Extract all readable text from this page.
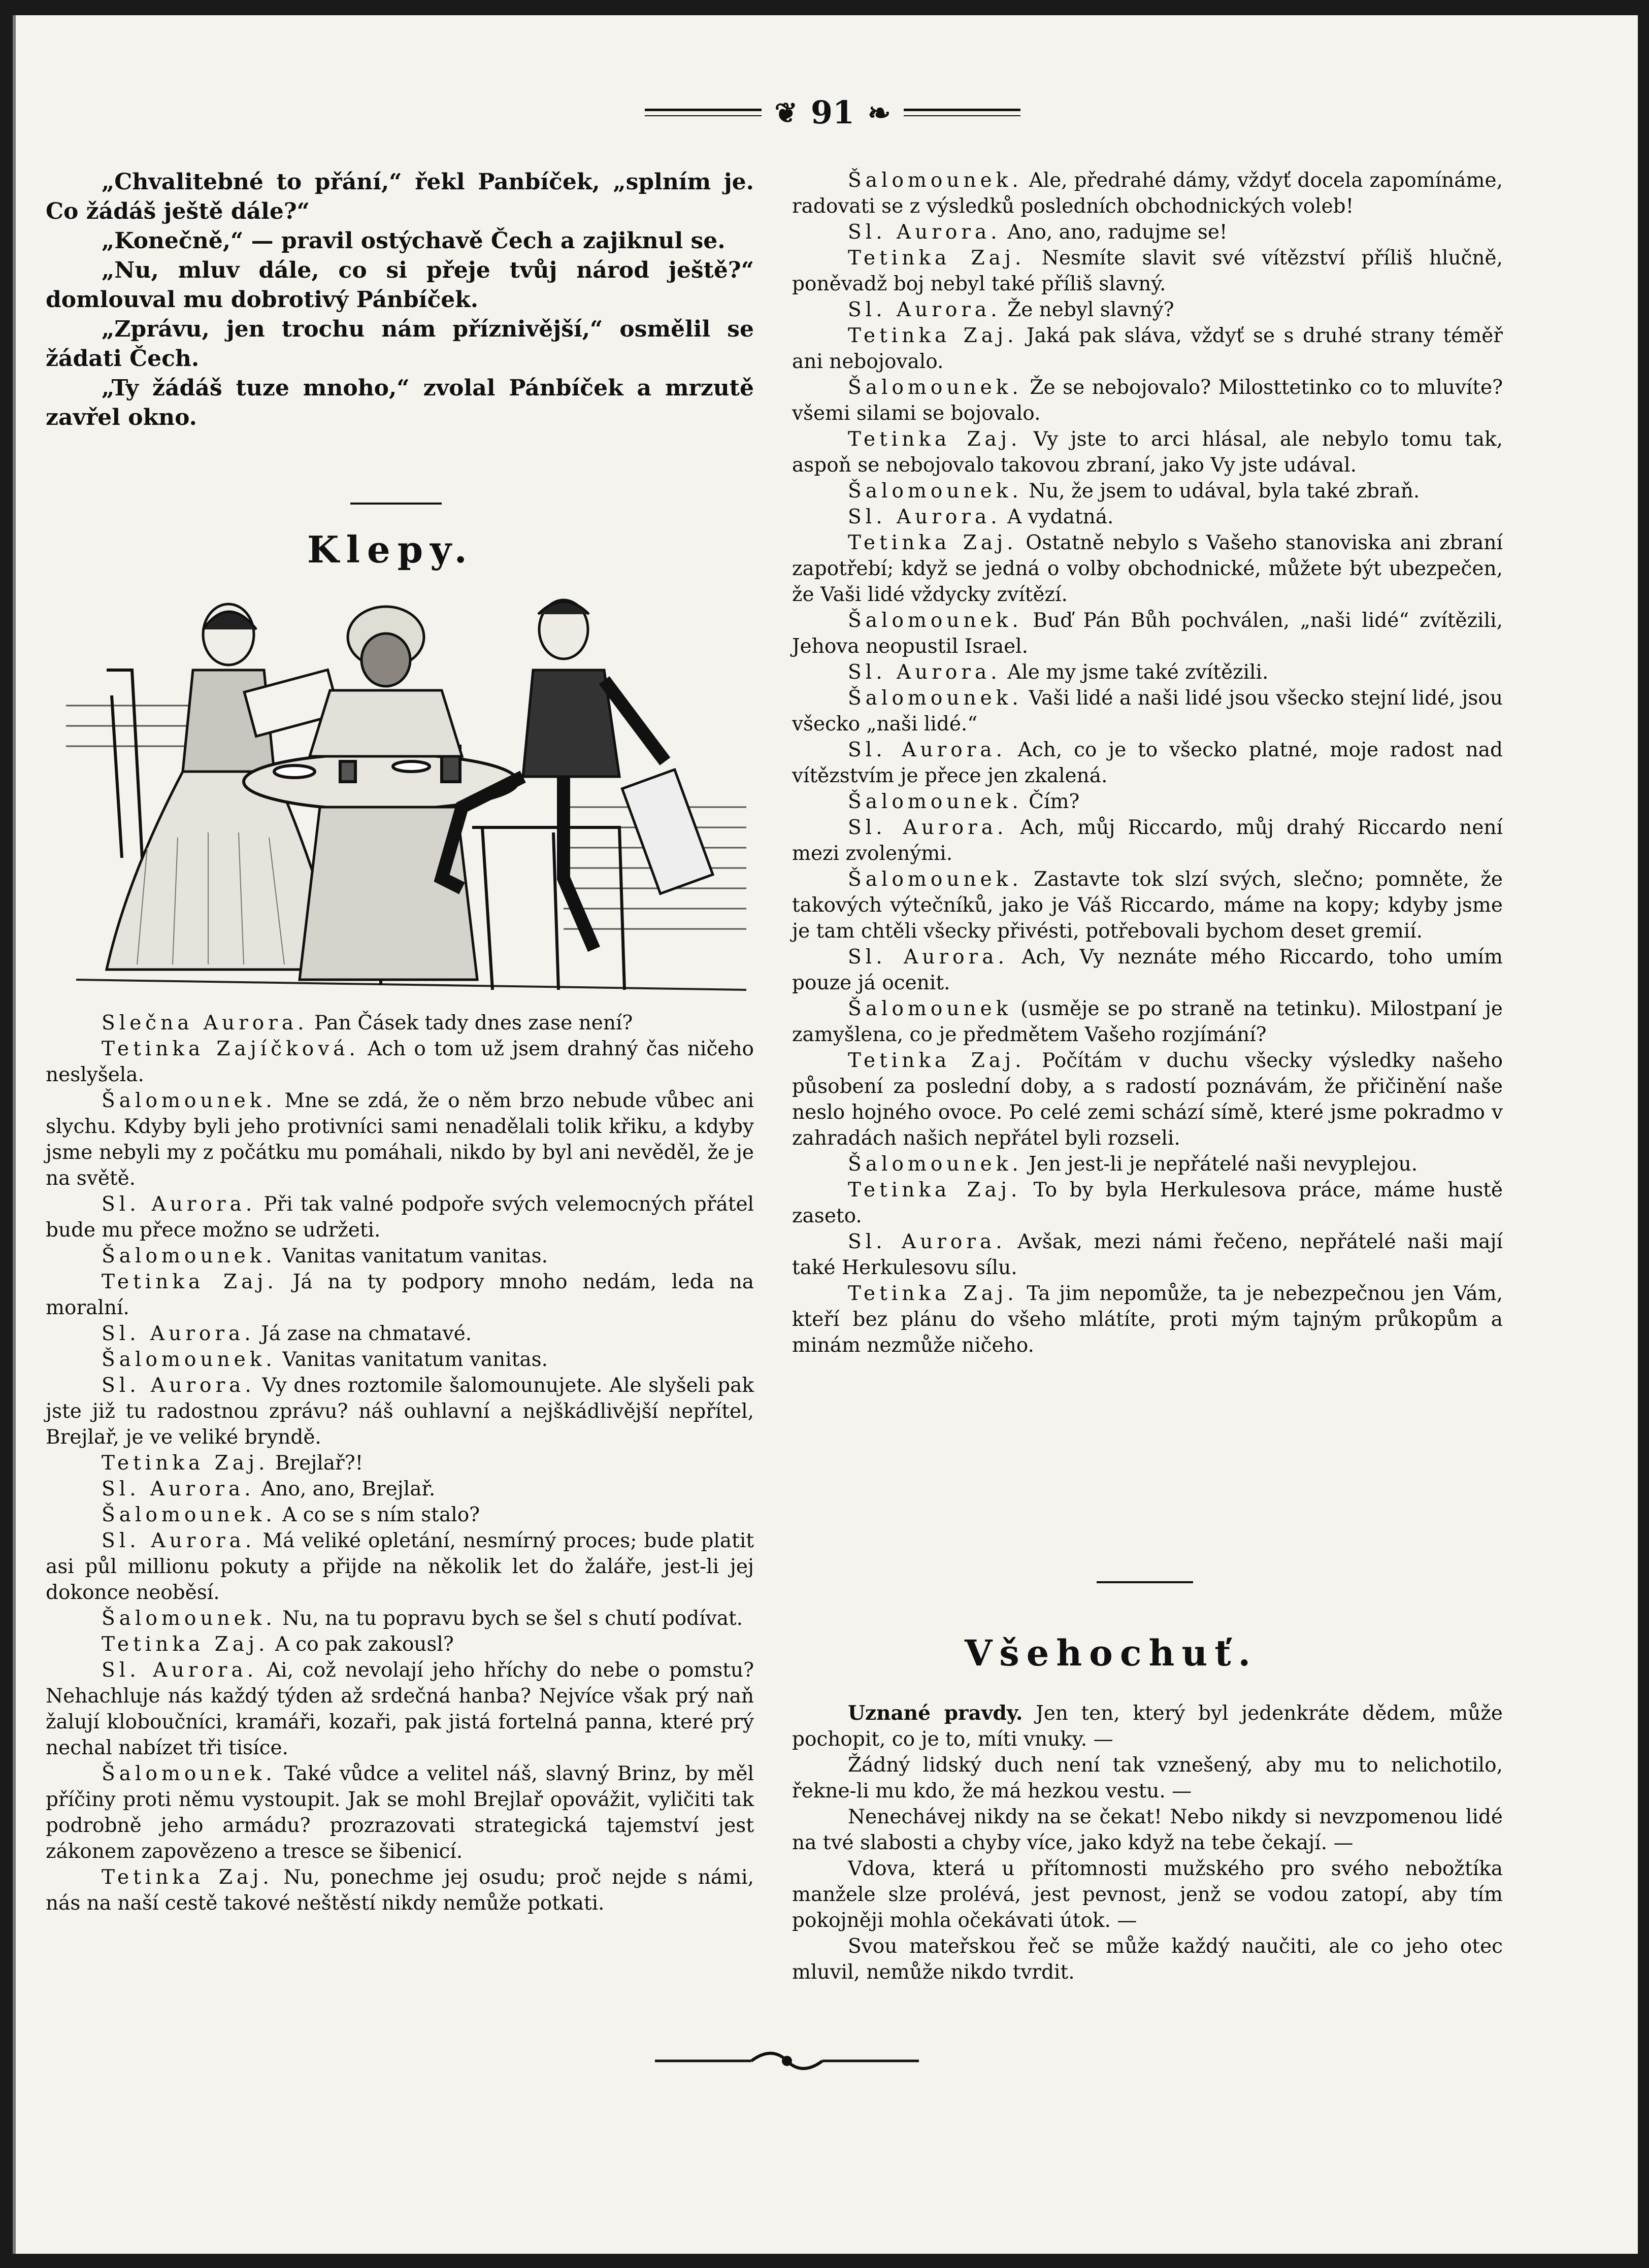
❦ 91 ❧

„Chvalitebné to přání,“ řekl Panbíček, „splním je. Co žádáš ještě dále?“

„Konečně,“ — pravil ostýchavě Čech a zajiknul se.

„Nu, mluv dále, co si přeje tvůj národ ještě?“ domlouval mu dobrotivý Pánbíček.

„Zprávu, jen trochu nám příznivější,“ osmělil se žádati Čech.

„Ty žádáš tuze mnoho,“ zvolal Pánbíček a mrzutě zavřel okno.

Klepy.

Slečna Aurora. Pan Čásek tady dnes zase není?

Tetinka Zajíčková. Ach o tom už jsem drahný čas ničeho neslyšela.

Šalomounek. Mne se zdá, že o něm brzo nebude vůbec ani slychu. Kdyby byli jeho protivníci sami nenadělali tolik křiku, a kdyby jsme nebyli my z počátku mu pomáhali, nikdo by byl ani nevěděl, že je na světě.

Sl. Aurora. Při tak valné podpoře svých velemocných přátel bude mu přece možno se udržeti.

Šalomounek. Vanitas vanitatum vanitas.

Tetinka Zaj. Já na ty podpory mnoho nedám, leda na moralní.

Sl. Aurora. Já zase na chmatavé.

Šalomounek. Vanitas vanitatum vanitas.

Sl. Aurora. Vy dnes roztomile šalomounujete. Ale slyšeli pak jste již tu radostnou zprávu? náš ouhlavní a nejškádlivější nepřítel, Brejlař, je ve veliké bryndě.

Tetinka Zaj. Brejlař?!

Sl. Aurora. Ano, ano, Brejlař.

Šalomounek. A co se s ním stalo?

Sl. Aurora. Má veliké opletání, nesmírný proces; bude platit asi půl millionu pokuty a přijde na několik let do žaláře, jest-li jej dokonce neoběsí.

Šalomounek. Nu, na tu popravu bych se šel s chutí podívat.

Tetinka Zaj. A co pak zakousl?

Sl. Aurora. Ai, což nevolají jeho hříchy do nebe o pomstu? Nehachluje nás každý týden až srdečná hanba? Nejvíce však prý naň žalují kloboučníci, kramáři, kozaři, pak jistá fortelná panna, které prý nechal nabízet tři tisíce.

Šalomounek. Také vůdce a velitel náš, slavný Brinz, by měl příčiny proti němu vystoupit. Jak se mohl Brejlař opovážit, vyličiti tak podrobně jeho armádu? prozrazovati strategická tajemství jest zákonem zapovězeno a tresce se šibenicí.

Tetinka Zaj. Nu, ponechme jej osudu; proč nejde s námi, nás na naší cestě takové neštěstí nikdy nemůže potkati.

Šalomounek. Ale, předrahé dámy, vždyť docela zapomínáme, radovati se z výsledků posledních obchodnických voleb!

Sl. Aurora. Ano, ano, radujme se!

Tetinka Zaj. Nesmíte slavit své vítězství příliš hlučně, poněvadž boj nebyl také příliš slavný.

Sl. Aurora. Že nebyl slavný?

Tetinka Zaj. Jaká pak sláva, vždyť se s druhé strany téměř ani nebojovalo.

Šalomounek. Že se nebojovalo? Milosttetinko co to mluvíte? všemi silami se bojovalo.

Tetinka Zaj. Vy jste to arci hlásal, ale nebylo tomu tak, aspoň se nebojovalo takovou zbraní, jako Vy jste udával.

Šalomounek. Nu, že jsem to udával, byla také zbraň.

Sl. Aurora. A vydatná.

Tetinka Zaj. Ostatně nebylo s Vašeho stanoviska ani zbraní zapotřebí; když se jedná o volby obchodnické, můžete být ubezpečen, že Vaši lidé vždycky zvítězí.

Šalomounek. Buď Pán Bůh pochválen, „naši lidé“ zvítězili, Jehova neopustil Israel.

Sl. Aurora. Ale my jsme také zvítězili.

Šalomounek. Vaši lidé a naši lidé jsou všecko stejní lidé, jsou všecko „naši lidé.“

Sl. Aurora. Ach, co je to všecko platné, moje radost nad vítězstvím je přece jen zkalená.

Šalomounek. Čím?

Sl. Aurora. Ach, můj Riccardo, můj drahý Riccardo není mezi zvolenými.

Šalomounek. Zastavte tok slzí svých, slečno; pomněte, že takových výtečníků, jako je Váš Riccardo, máme na kopy; kdyby jsme je tam chtěli všecky přivésti, potřebovali bychom deset gremií.

Sl. Aurora. Ach, Vy neznáte mého Riccardo, toho umím pouze já ocenit.

Šalomounek (usměje se po straně na tetinku). Milostpaní je zamyšlena, co je předmětem Vašeho rozjímání?

Tetinka Zaj. Počítám v duchu všecky výsledky našeho působení za poslední doby, a s radostí poznávám, že přičinění naše neslo hojného ovoce. Po celé zemi schází símě, které jsme pokradmo v zahradách našich nepřátel byli rozseli.

Šalomounek. Jen jest-li je nepřátelé naši nevyplejou.

Tetinka Zaj. To by byla Herkulesova práce, máme hustě zaseto.

Sl. Aurora. Avšak, mezi námi řečeno, nepřátelé naši mají také Herkulesovu sílu.

Tetinka Zaj. Ta jim nepomůže, ta je nebezpečnou jen Vám, kteří bez plánu do všeho mlátíte, proti mým tajným průkopům a minám nezmůže ničeho.

Všehochuť.

Uznané pravdy. Jen ten, který byl jedenkráte dědem, může pochopit, co je to, míti vnuky. —

Žádný lidský duch není tak vznešený, aby mu to nelichotilo, řekne-li mu kdo, že má hezkou vestu. —

Nenechávej nikdy na se čekat! Nebo nikdy si nevzpomenou lidé na tvé slabosti a chyby více, jako když na tebe čekají. —

Vdova, která u přítomnosti mužského pro svého nebožtíka manžele slze prolévá, jest pevnost, jenž se vodou zatopí, aby tím pokojněji mohla očekávati útok. —

Svou mateřskou řeč se může každý naučiti, ale co jeho otec mluvil, nemůže nikdo tvrdit.
